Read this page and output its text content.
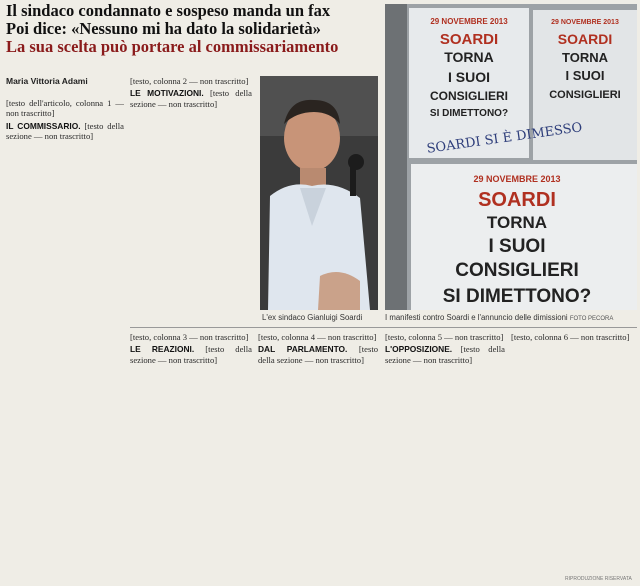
Il sindaco condannato e sospeso manda un fax
Poi dice: «Nessuno mi ha dato la solidarietà»
La sua scelta può portare al commissariamento
Maria Vittoria Adami

[testo dell'articolo, colonna 1 — non trascritto]

IL COMMISSARIO. [testo della sezione — non trascritto]

[testo, colonna 2 — non trascritto]

LE MOTIVAZIONI. [testo della sezione — non trascritto]

L'ex sindaco Gianluigi Soardi
29 NOVEMBRE 2013
SOARDI
TORNA
I SUOI
CONSIGLIERI
SI DIMETTONO?
29 NOVEMBRE 2013
SOARDI
TORNA
I SUOI
CONSIGLIERI
SOARDI SI È DIMESSO
29 NOVEMBRE 2013
SOARDI
TORNA
I SUOI
CONSIGLIERI
SI DIMETTONO?
I manifesti contro Soardi e l'annuncio delle dimissioni FOTO PECORA

[testo, colonna 3 — non trascritto]

LE REAZIONI. [testo della sezione — non trascritto]

[testo, colonna 4 — non trascritto]

DAL PARLAMENTO. [testo della sezione — non trascritto]

[testo, colonna 5 — non trascritto]

L'OPPOSIZIONE. [testo della sezione — non trascritto]

[testo, colonna 6 — non trascritto]

RIPRODUZIONE RISERVATA
